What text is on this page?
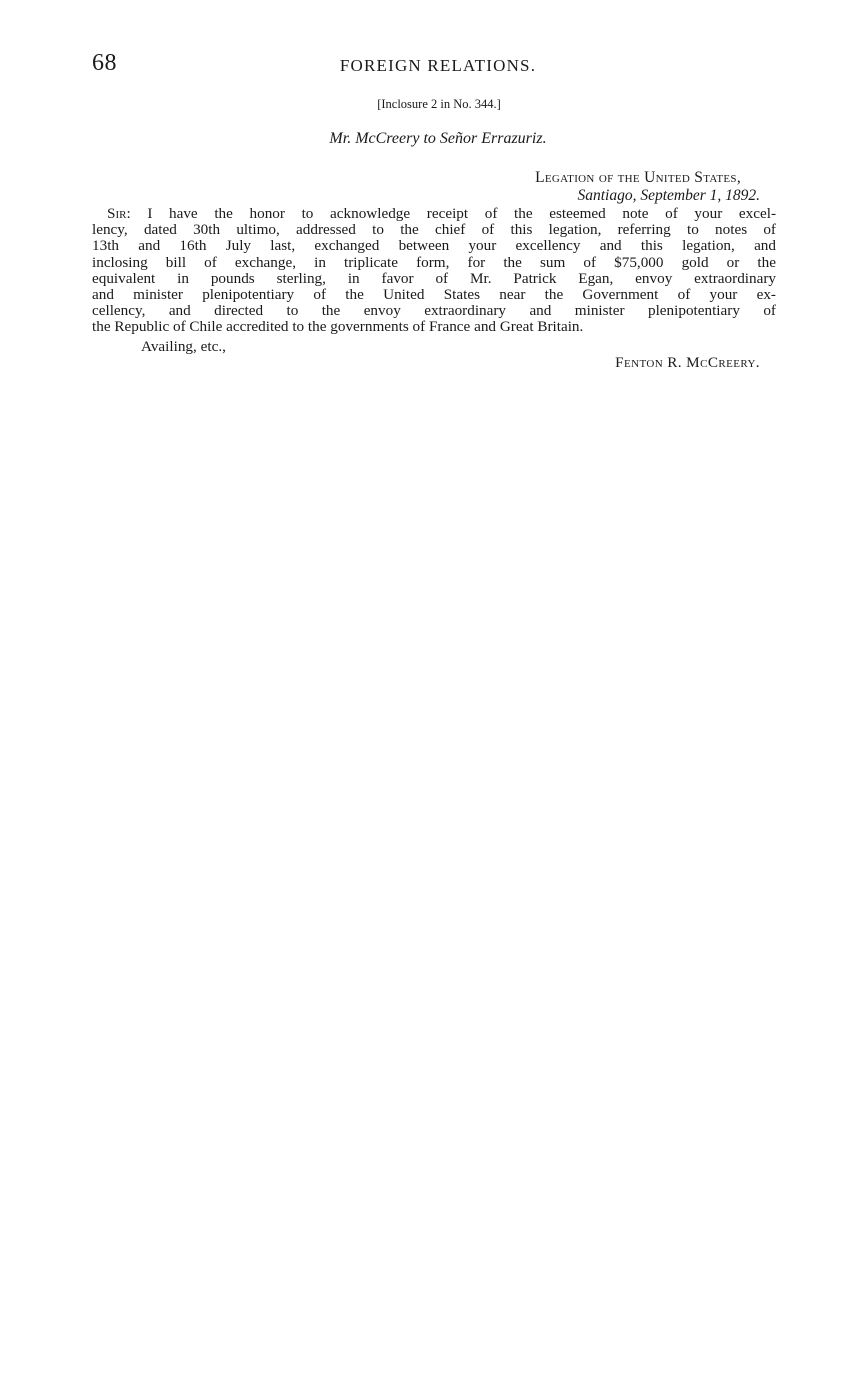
68	FOREIGN RELATIONS.
[Inclosure 2 in No. 344.]
Mr. McCreery to Señor Errazuriz.
Legation of the United States,
Santiago, September 1, 1892.
Sir: I have the honor to acknowledge receipt of the esteemed note of your excel-
lency, dated 30th ultimo, addressed to the chief of this legation, referring to notes of
13th and 16th July last, exchanged between your excellency and this legation, and
inclosing bill of exchange, in triplicate form, for the sum of $75,000 gold or the
equivalent in pounds sterling, in favor of Mr. Patrick Egan, envoy extraordinary
and minister plenipotentiary of the United States near the Government of your ex-
cellency, and directed to the envoy extraordinary and minister plenipotentiary of
the Republic of Chile accredited to the governments of France and Great Britain.
Availing, etc.,
Fenton R. McCreery.
